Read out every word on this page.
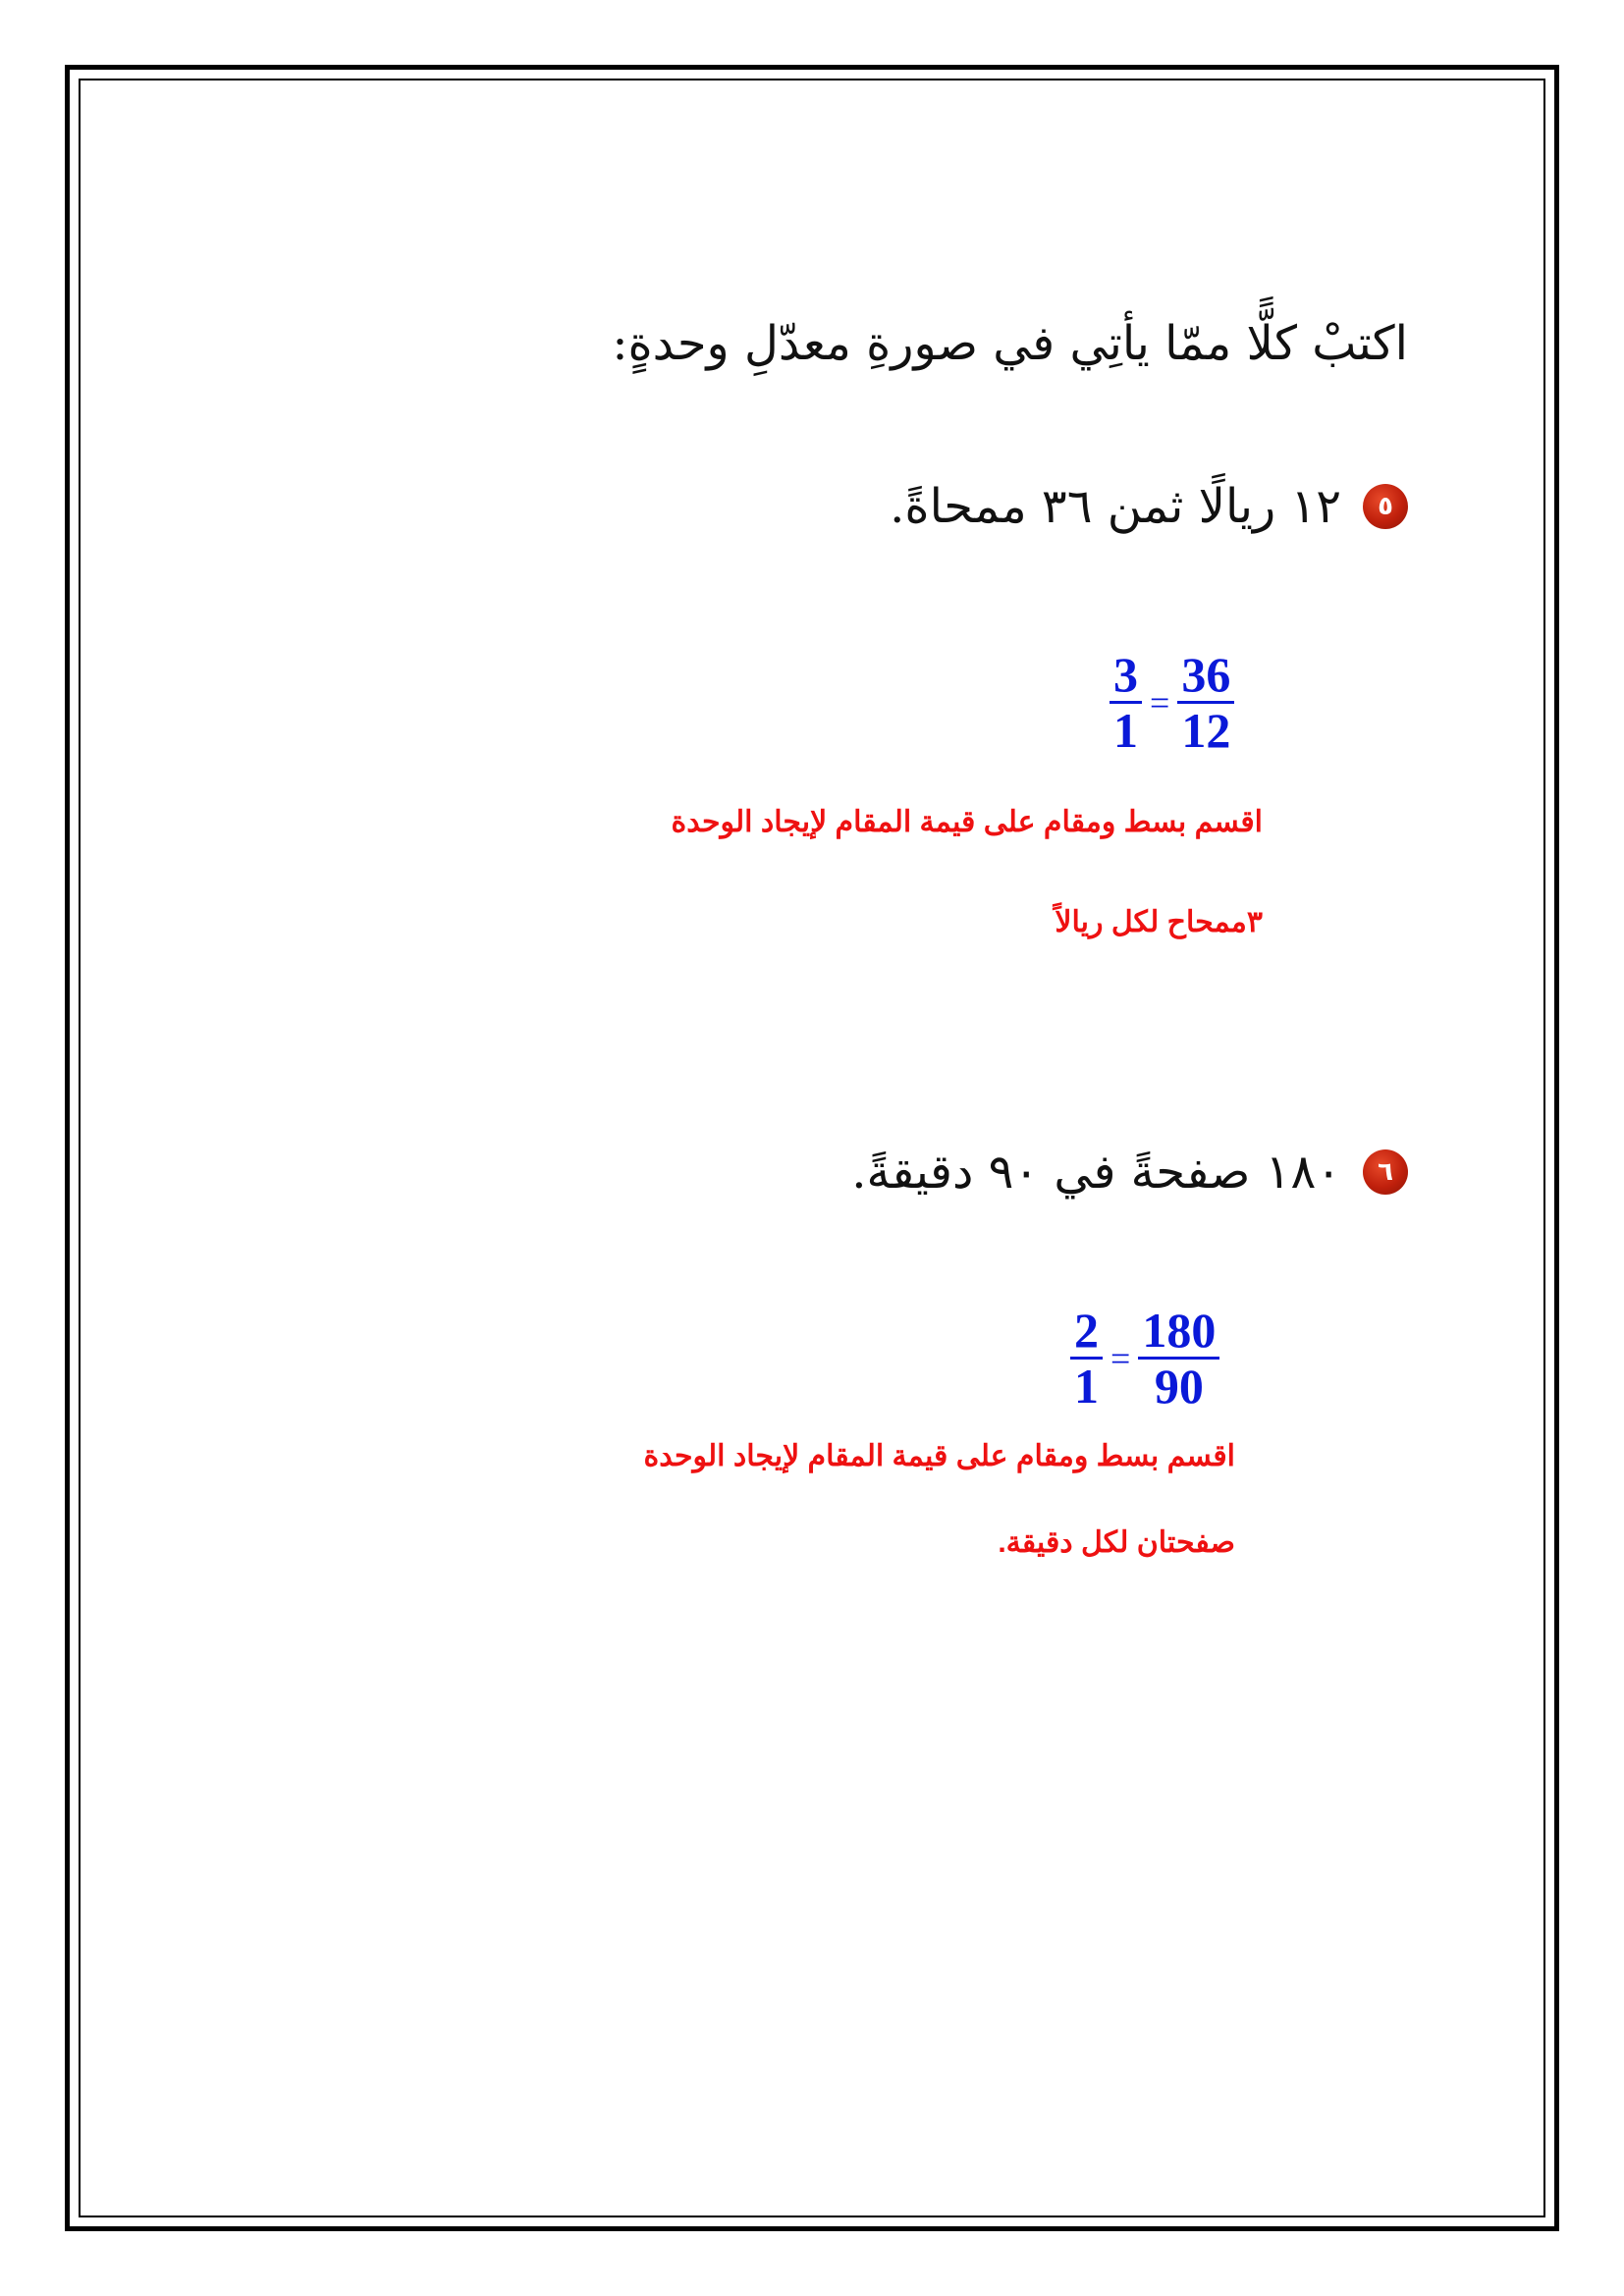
اكتبْ كلًّا ممّا يأتِي في صورةِ معدّلِ وحدةٍ:
٥
١٢ ريالًا ثمن ٣٦ ممحاةً.
$\frac{3}{1} = \frac{36}{12}$
اقسم بسط ومقام على قيمة المقام لإيجاد الوحدة
٣ممحاح لكل ريالاً
٦
١٨٠ صفحةً في ٩٠ دقيقةً.
$\frac{2}{1} = \frac{180}{90}$
اقسم بسط ومقام على قيمة المقام لإيجاد الوحدة
صفحتان لكل دقيقة.
